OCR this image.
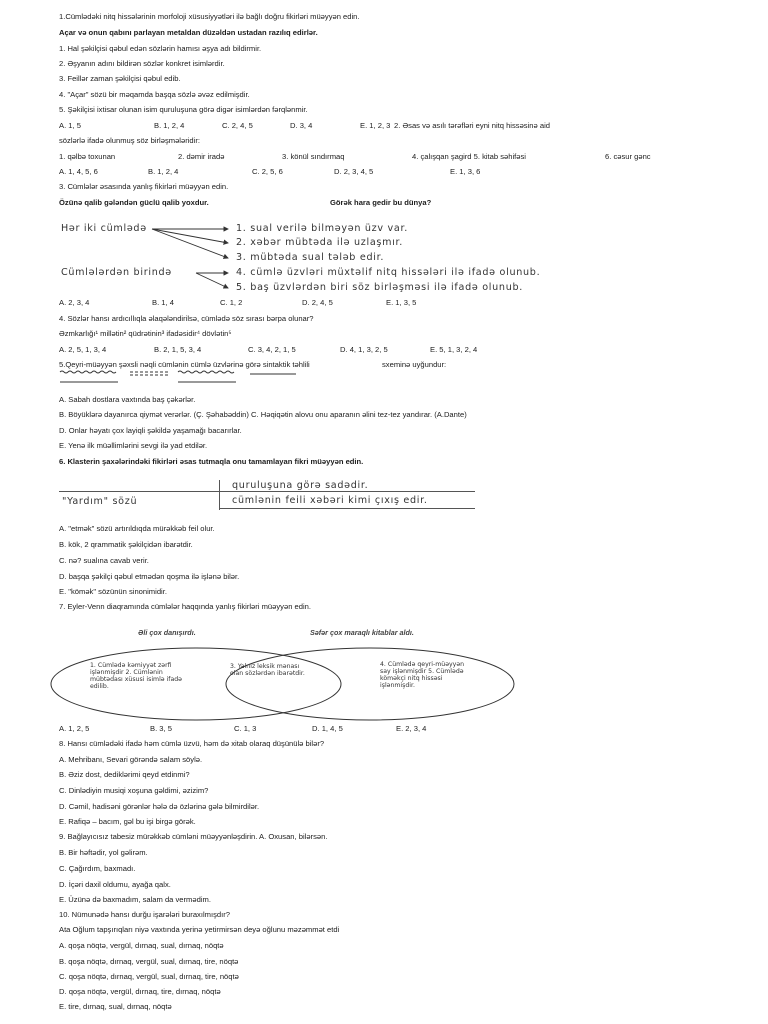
1.Cümlədəki nitq hissələrinin morfoloji xüsusiyyətləri ilə bağlı doğru fikirləri müəyyən edin.
Açar və onun qabını parlayan metaldan düzəldən ustadan razılıq edirlər.
1. Hal şəkilçisi qəbul edən sözlərin hamısı əşya adı bildirmir.
2. Əşyanın adını bildirən sözlər konkret isimlərdir.
3. Feillər zaman şəkilçisi qəbul edib.
4. "Açar" sözü bir məqamda başqa sözlə əvəz edilmişdir.
5. Şəkilçisi ixtisar olunan isim quruluşuna görə digər isimlərdən fərqlənmir.
A. 1, 5	B. 1, 2, 4	C. 2, 4, 5	D. 3, 4	E. 1, 2, 3 2. Əsas və asılı tərəfləri eyni nitq hissəsinə aid
sözlərlə ifadə olunmuş söz birləşmələridir:
1. qəlbə toxunan	2. dəmir iradə	3. könül sındırmaq	4. çalışqan şagird 5. kitab səhifəsi	6. cəsur gənc
A. 1, 4, 5, 6	B. 1, 2, 4	C. 2, 5, 6	D. 2, 3, 4, 5	E. 1, 3, 6
3. Cümlələr əsasında yanlış fikirləri müəyyən edin.
Özünə qalib gələndən güclü qalib yoxdur.	Görək hara gedir bu dünya?
Hər iki cümlədə
Cümlələrdən birində
1. sual verilə bilməyən üzv var.
2. xəbər mübtəda ilə uzlaşmır.
3. mübtəda sual tələb edir.
4. cümlə üzvləri müxtəlif nitq hissələri ilə ifadə olunub.
5. baş üzvlərdən biri söz birləşməsi ilə ifadə olunub.
A. 2, 3, 4	B. 1, 4	C. 1, 2	D. 2, 4, 5	E. 1, 3, 5
4. Sözlər hansı ardıcıllıqla əlaqələndirilsə, cümlədə söz sırası bərpa olunar?
Əzmkarlığı¹ millətin² qüdrətinin³ ifadəsidir⁴ dövlətin⁵
A. 2, 5, 1, 3, 4	B. 2, 1, 5, 3, 4	C. 3, 4, 2, 1, 5	D. 4, 1, 3, 2, 5	E. 5, 1, 3, 2, 4
5.Qeyri-müəyyən şəxsli nəqli cümlənin cümlə üzvlərinə görə sintaktik təhlili	sxeminə uyğundur:
A. Sabah dostlara vaxtında baş çəkərlər.
B. Böyüklərə dayanırca qiymət verərlər. (Ç. Şəhabəddin) C. Həqiqətin alovu onu aparanın əlini tez-tez yandırar. (A.Dante)
D. Onlar həyatı çox layiqli şəkildə yaşamağı bacarırlar.
E. Yenə ilk müəllimlərini sevgi ilə yad etdilər.
6. Klasterin şaxələrindəki fikirləri əsas tutmaqla onu tamamlayan fikri müəyyən edin.
quruluşuna görə sadədir.
"Yardım" sözü	cümlənin feili xəbəri kimi çıxış edir.
A. "etmək" sözü artırıldıqda mürəkkəb feil olur.
B. kök, 2 qrammatik şəkilçidən ibarətdir.
C. nə? sualına cavab verir.
D. başqa şəkilçi qəbul etmədən qoşma ilə işlənə bilər.
E. "kömək" sözünün sinonimidir.
7. Eyler-Venn diaqramında cümlələr haqqında yanlış fikirləri müəyyən edin.
Əli çox danışırdı.	Səfər çox maraqlı kitablar aldı.
1. Cümlədə kəmiyyət zərfi işlənmişdir 2. Cümlənin mübtədası xüsusi isimlə ifadə edilib.
3. Yalnız leksik mənası olan sözlərdən ibarətdir.
4. Cümlədə qeyri-müəyyən say işlənmişdir 5. Cümlədə köməkçi nitq hissəsi işlənmişdir.
A. 1, 2, 5	B. 3, 5	C. 1, 3	D. 1, 4, 5	E. 2, 3, 4
8. Hansı cümlədəki ifadə həm cümlə üzvü, həm də xitab olaraq düşünülə bilər?
A. Mehribanı, Sevari görəndə salam söylə.
B. Əziz dost, dediklərimi qeyd etdinmi?
C. Dinlədiyin musiqi xoşuna gəldimi, əzizim?
D. Cəmil, hadisəni görənlər hələ də özlərinə gələ bilmirdilər.
E. Rafiqə – bacım, gəl bu işi birgə görək.
9. Bağlayıcısız tabesiz mürəkkəb cümləni müəyyənləşdirin. A. Oxusan, bilərsən.
B. Bir həftədir, yol gəlirəm.
C. Çağırdım, baxmadı.
D. İçəri daxil oldumu, ayağa qalx.
E. Üzünə də baxmadım, salam da vermədim.
10. Nümunədə hansı durğu işarələri buraxılmışdır?
Ata Oğlum tapşırıqları niyə vaxtında yerinə yetirmirsən deyə oğlunu məzəmmət etdi
A. qoşa nöqtə, vergül, dırnaq, sual, dırnaq, nöqtə
B. qoşa nöqtə, dırnaq, vergül, sual, dırnaq, tire, nöqtə
C. qoşa nöqtə, dırnaq, vergül, sual, dırnaq, tire, nöqtə
D. qoşa nöqtə, vergül, dırnaq, tire, dırnaq, nöqtə
E. tire, dırnaq, sual, dırnaq, nöqtə
